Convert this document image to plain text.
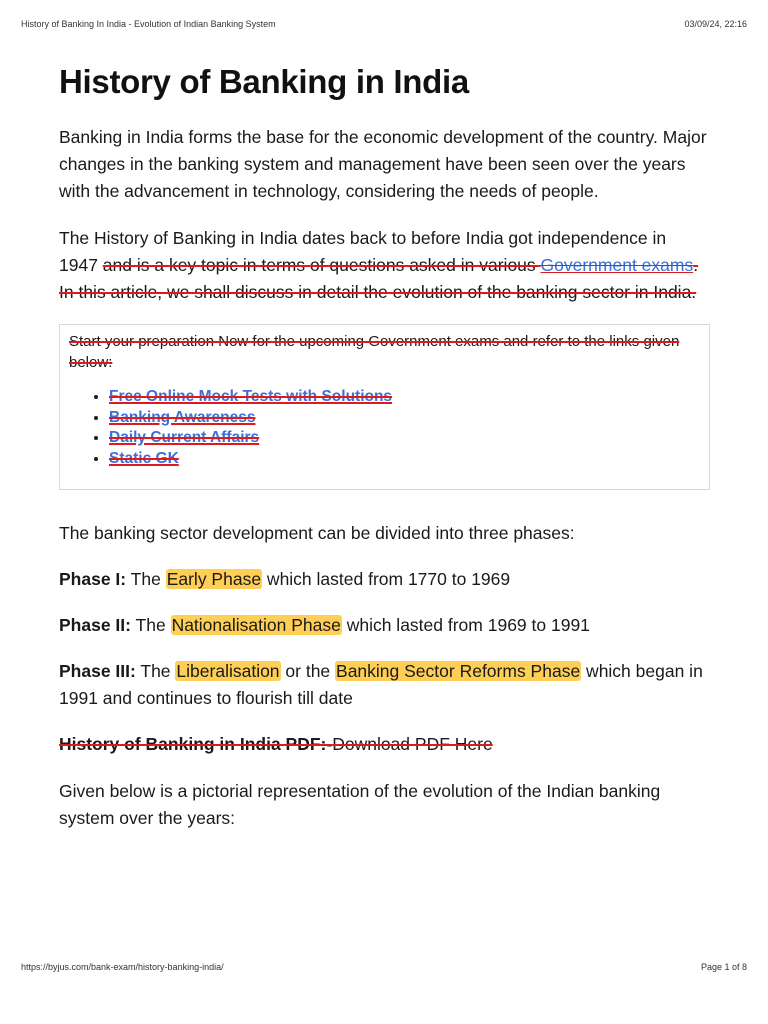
History of Banking In India - Evolution of Indian Banking System	03/09/24, 22:16
History of Banking in India

Banking in India forms the base for the economic development of the country. Major changes in the banking system and management have been seen over the years with the advancement in technology, considering the needs of people.

The History of Banking in India dates back to before India got independence in 1947 and is a key topic in terms of questions asked in various Government exams. In this article, we shall discuss in detail the evolution of the banking sector in India.

Start your preparation Now for the upcoming Government exams and refer to the links given below:

• Free Online Mock Tests with Solutions
• Banking Awareness
• Daily Current Affairs
• Static GK

The banking sector development can be divided into three phases:

Phase I: The Early Phase which lasted from 1770 to 1969

Phase II: The Nationalisation Phase which lasted from 1969 to 1991

Phase III: The Liberalisation or the Banking Sector Reforms Phase which began in 1991 and continues to flourish till date

History of Banking in India PDF:-Download PDF Here

Given below is a pictorial representation of the evolution of the Indian banking system over the years:

https://byjus.com/bank-exam/history-banking-india/	Page 1 of 8
